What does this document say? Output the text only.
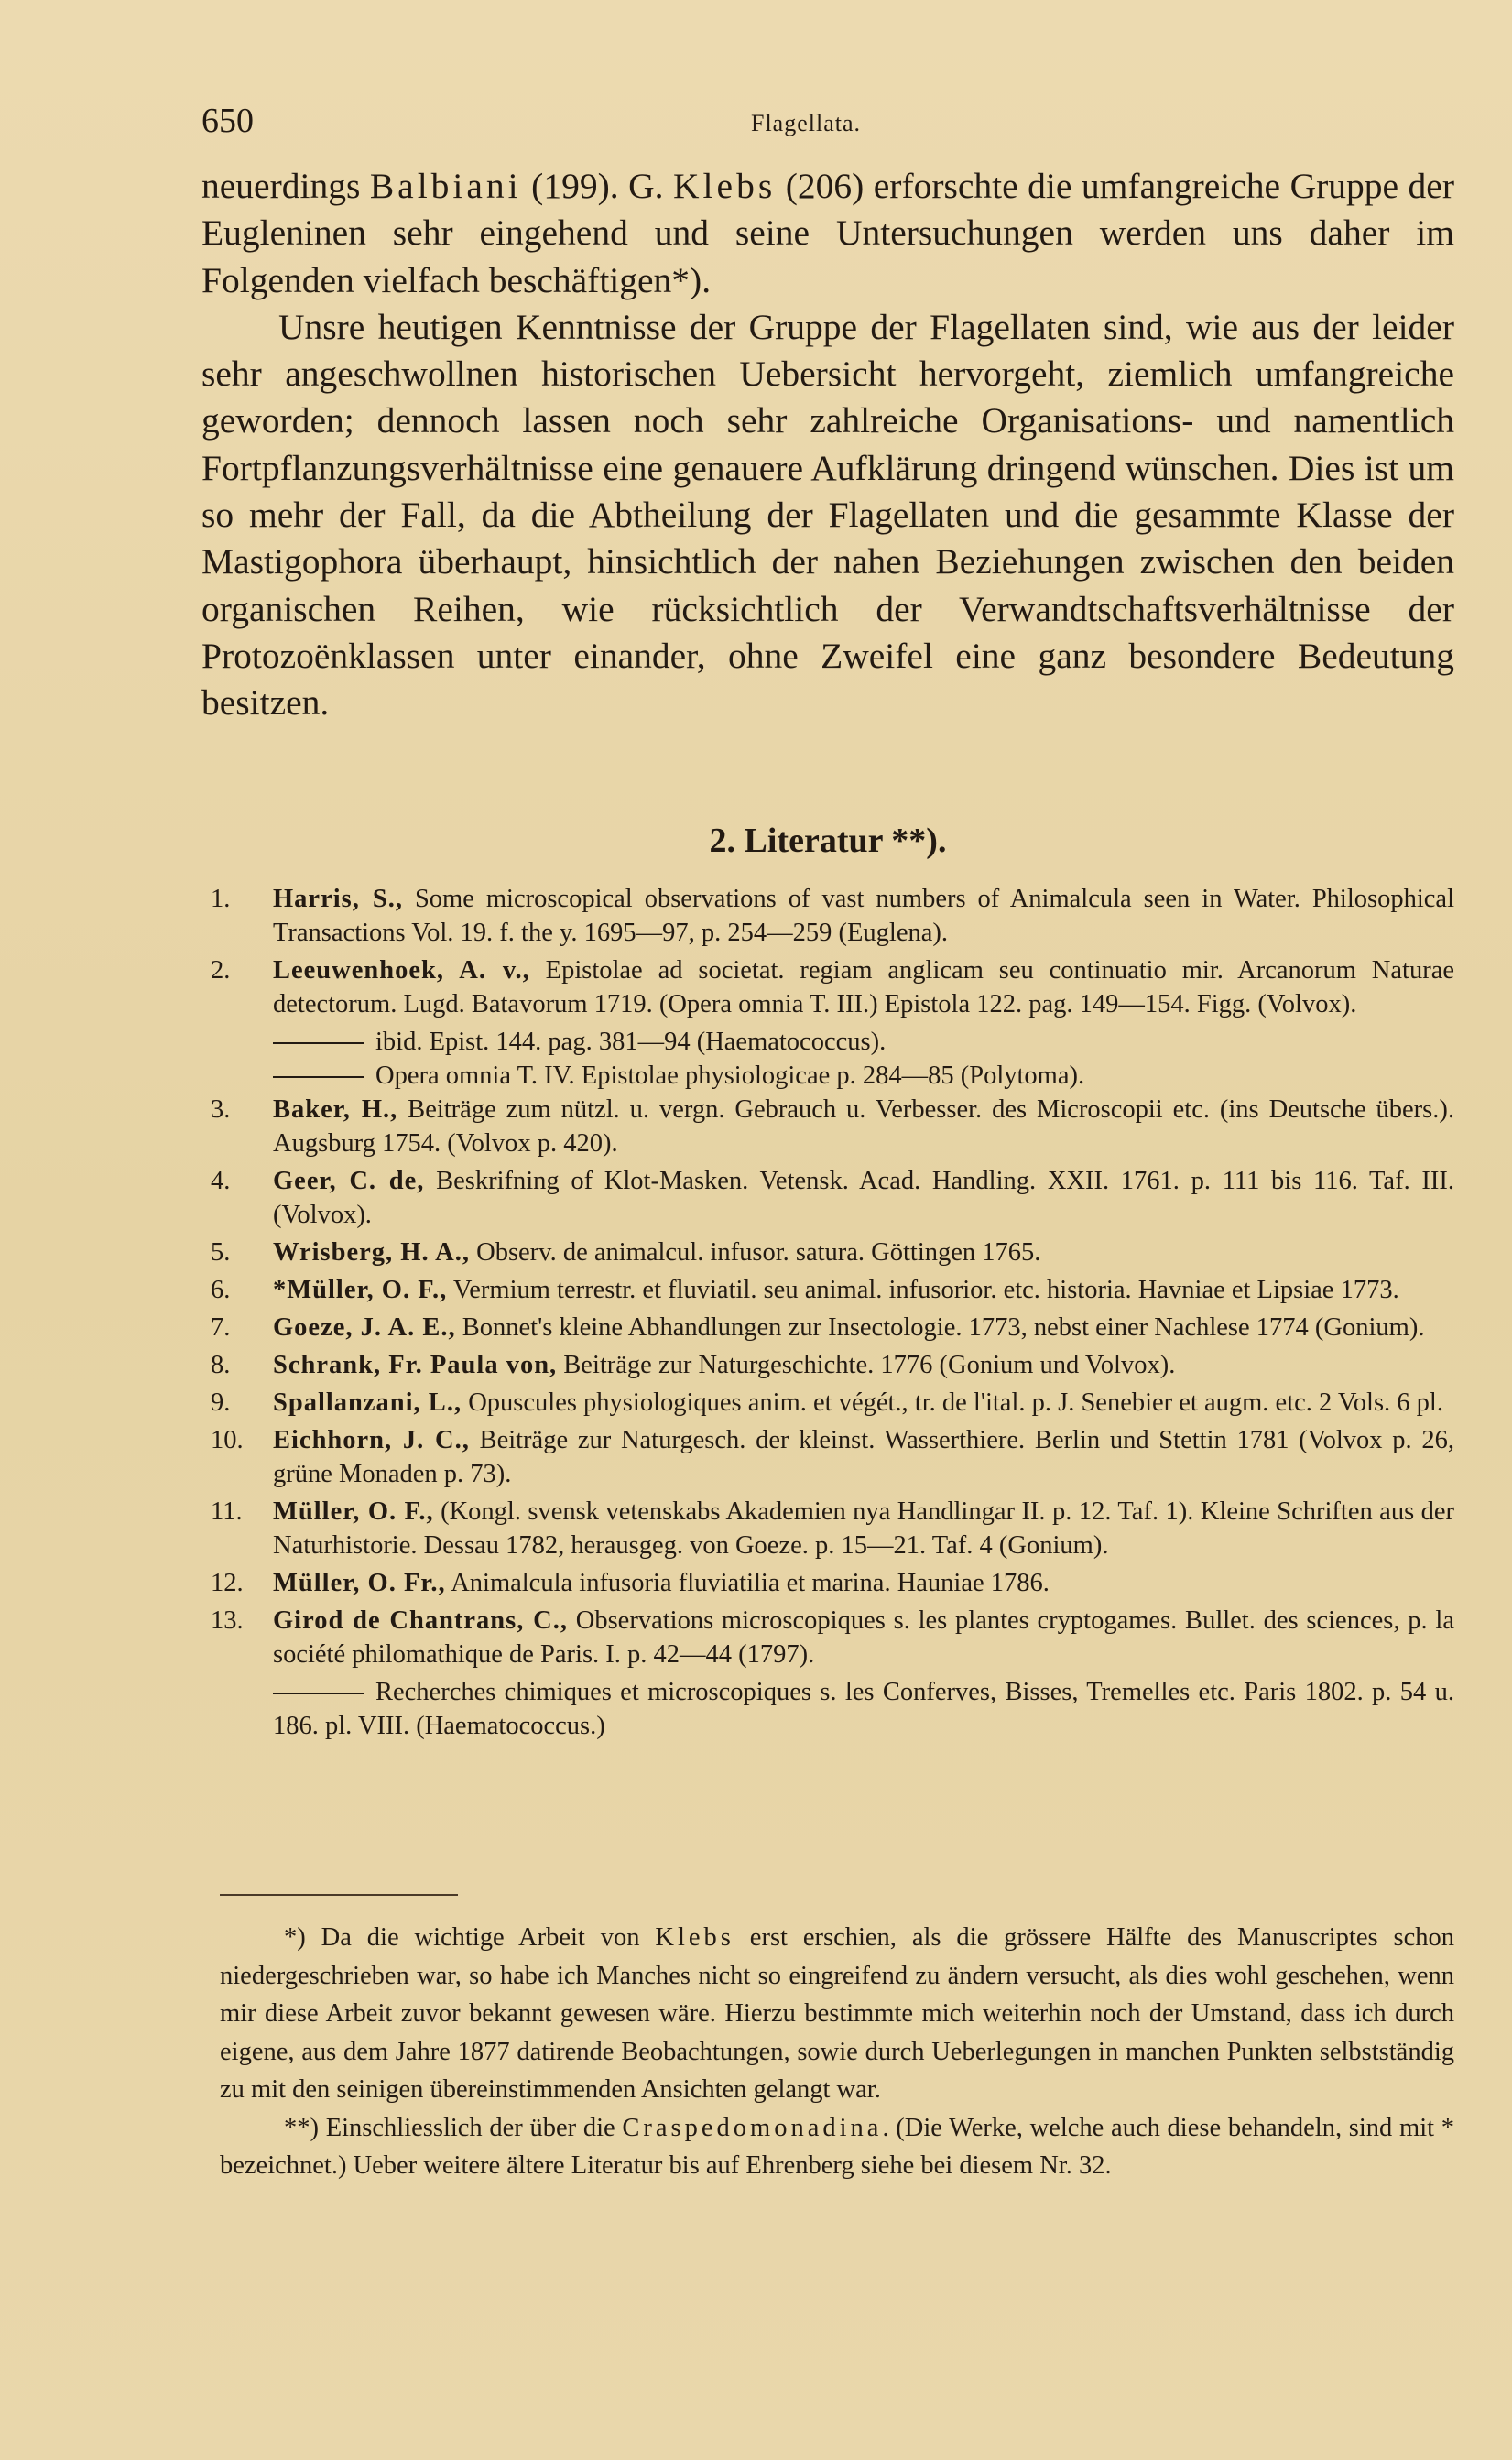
650	Flagellata.

neuerdings Balbiani (199). G. Klebs (206) erforschte die umfangreiche Gruppe der Eugleninen sehr eingehend und seine Untersuchungen werden uns daher im Folgenden vielfach beschäftigen*).

Unsre heutigen Kenntnisse der Gruppe der Flagellaten sind, wie aus der leider sehr angeschwollnen historischen Uebersicht hervorgeht, ziemlich umfangreiche geworden; dennoch lassen noch sehr zahlreiche Organisations- und namentlich Fortpflanzungsverhältnisse eine genauere Aufklärung dringend wünschen. Dies ist um so mehr der Fall, da die Abtheilung der Flagellaten und die gesammte Klasse der Mastigophora überhaupt, hinsichtlich der nahen Beziehungen zwischen den beiden organischen Reihen, wie rücksichtlich der Verwandtschaftsverhältnisse der Protozoënklassen unter einander, ohne Zweifel eine ganz besondere Bedeutung besitzen.

2. Literatur **).
1. Harris, S., Some microscopical observations of vast numbers of Animalcula seen in Water. Philosophical Transactions Vol. 19. f. the y. 1695—97, p. 254—259 (Euglena).
2. Leeuwenhoek, A. v., Epistolae ad societat. regiam anglicam seu continuatio mir. Arcanorum Naturae detectorum. Lugd. Batavorum 1719. (Opera omnia T. III.) Epistola 122. pag. 149—154. Figg. (Volvox).
ibid. Epist. 144. pag. 381—94 (Haematococcus).
Opera omnia T. IV. Epistolae physiologicae p. 284—85 (Polytoma).
3. Baker, H., Beiträge zum nützl. u. vergn. Gebrauch u. Verbesser. des Microscopii etc. (ins Deutsche übers.). Augsburg 1754. (Volvox p. 420).
4. Geer, C. de, Beskrifning of Klot-Masken. Vetensk. Acad. Handling. XXII. 1761. p. 111 bis 116. Taf. III. (Volvox).
5. Wrisberg, H. A., Observ. de animalcul. infusor. satura. Göttingen 1765.
6. *Müller, O. F., Vermium terrestr. et fluviatil. seu animal. infusorior. etc. historia. Havniae et Lipsiae 1773.
7. Goeze, J. A. E., Bonnet's kleine Abhandlungen zur Insectologie. 1773, nebst einer Nachlese 1774 (Gonium).
8. Schrank, Fr. Paula von, Beiträge zur Naturgeschichte. 1776 (Gonium und Volvox).
9. Spallanzani, L., Opuscules physiologiques anim. et végét., tr. de l'ital. p. J. Senebier et augm. etc. 2 Vols. 6 pl.
10. Eichhorn, J. C., Beiträge zur Naturgesch. der kleinst. Wasserthiere. Berlin und Stettin 1781 (Volvox p. 26, grüne Monaden p. 73).
11. Müller, O. F., (Kongl. svensk vetenskabs Akademien nya Handlingar II. p. 12. Taf. 1). Kleine Schriften aus der Naturhistorie. Dessau 1782, herausgeg. von Goeze. p. 15—21. Taf. 4 (Gonium).
12. Müller, O. Fr., Animalcula infusoria fluviatilia et marina. Hauniae 1786.
13. Girod de Chantrans, C., Observations microscopiques s. les plantes cryptogames. Bullet. des sciences, p. la société philomathique de Paris. I. p. 42—44 (1797).
Recherches chimiques et microscopiques s. les Conferves, Bisses, Tremelles etc. Paris 1802. p. 54 u. 186. pl. VIII. (Haematococcus.)

*) Da die wichtige Arbeit von Klebs erst erschien, als die grössere Hälfte des Manuscriptes schon niedergeschrieben war, so habe ich Manches nicht so eingreifend zu ändern versucht, als dies wohl geschehen, wenn mir diese Arbeit zuvor bekannt gewesen wäre. Hierzu bestimmte mich weiterhin noch der Umstand, dass ich durch eigene, aus dem Jahre 1877 datirende Beobachtungen, sowie durch Ueberlegungen in manchen Punkten selbstständig zu mit den seinigen übereinstimmenden Ansichten gelangt war.

**) Einschliesslich der über die Craspedomonadina. (Die Werke, welche auch diese behandeln, sind mit * bezeichnet.) Ueber weitere ältere Literatur bis auf Ehrenberg siehe bei diesem Nr. 32.
